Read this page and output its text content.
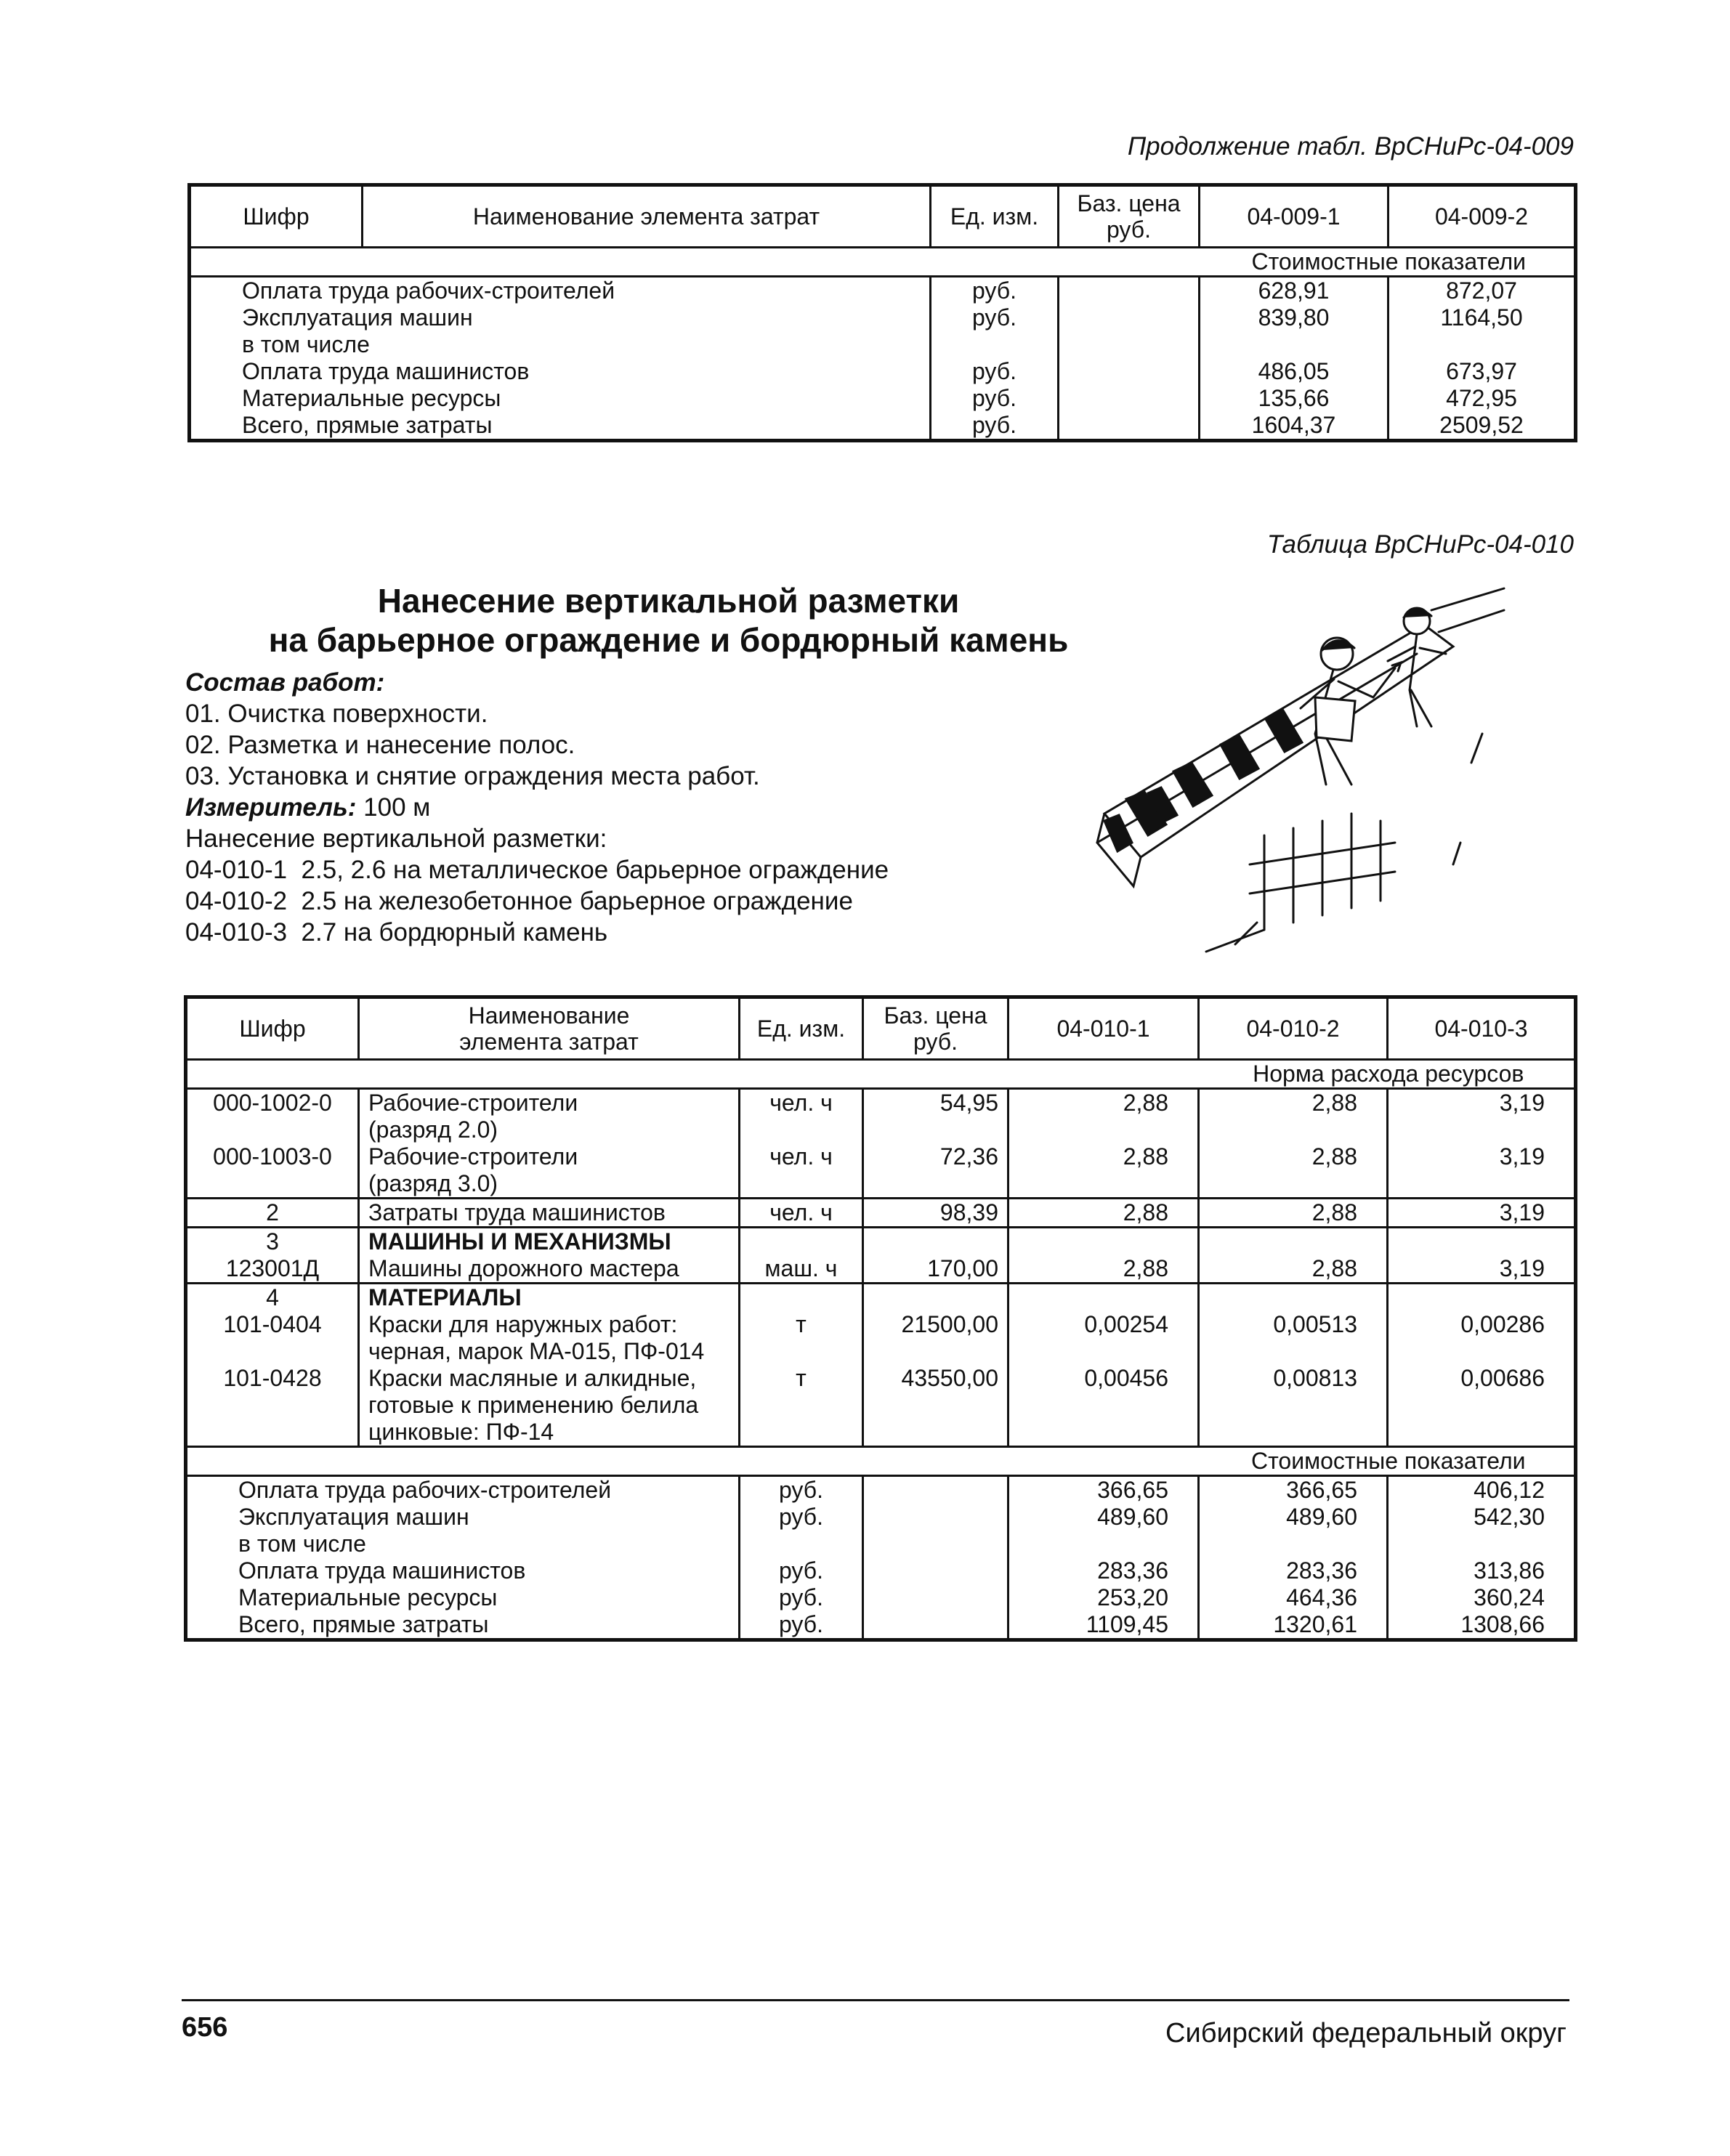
Продолжение табл. ВрСНиРс-04-009
Шифр	Наименование элемента затрат	Ед. изм.	Баз. цена руб.	04-009-1	04-009-2
				Стоимостные показатели	
Оплата труда рабочих-строителей		руб.		628,91	872,07
Эксплуатация машин		руб.		839,80	1164,50
в том числе					
Оплата труда машинистов		руб.		486,05	673,97
Материальные ресурсы		руб.		135,66	472,95
Всего, прямые затраты		руб.		1604,37	2509,52
Таблица ВрСНиРс-04-010
Нанесение вертикальной разметки
на барьерное ограждение и бордюрный камень
Состав работ:
01. Очистка поверхности.
02. Разметка и нанесение полос.
03. Установка и снятие ограждения места работ.
Измеритель: 100 м
Нанесение вертикальной разметки:
04-010-1  2.5, 2.6 на металлическое барьерное ограждение
04-010-2  2.5 на железобетонное барьерное ограждение
04-010-3  2.7 на бордюрный камень
Шифр	Наименование элемента затрат	Ед. изм.	Баз. цена руб.	04-010-1	04-010-2	04-010-3
					Норма расхода ресурсов	
000-1002-0	Рабочие-строители	чел. ч	54,95	2,88	2,88	3,19
	(разряд 2.0)					
000-1003-0	Рабочие-строители	чел. ч	72,36	2,88	2,88	3,19
	(разряд 3.0)					
2	Затраты труда машинистов	чел. ч	98,39	2,88	2,88	3,19
3	МАШИНЫ И МЕХАНИЗМЫ					
123001Д	Машины дорожного мастера	маш. ч	170,00	2,88	2,88	3,19
4	МАТЕРИАЛЫ					
101-0404	Краски для наружных работ:	т	21500,00	0,00254	0,00513	0,00286
	черная, марок МА-015, ПФ-014					
101-0428	Краски масляные и алкидные,	т	43550,00	0,00456	0,00813	0,00686
	готовые к применению белила					
	цинковые: ПФ-14					
					Стоимостные показатели	
Оплата труда рабочих-строителей		руб.		366,65	366,65	406,12
Эксплуатация машин		руб.		489,60	489,60	542,30
в том числе						
Оплата труда машинистов		руб.		283,36	283,36	313,86
Материальные ресурсы		руб.		253,20	464,36	360,24
Всего, прямые затраты		руб.		1109,45	1320,61	1308,66
656	Сибирский федеральный округ
